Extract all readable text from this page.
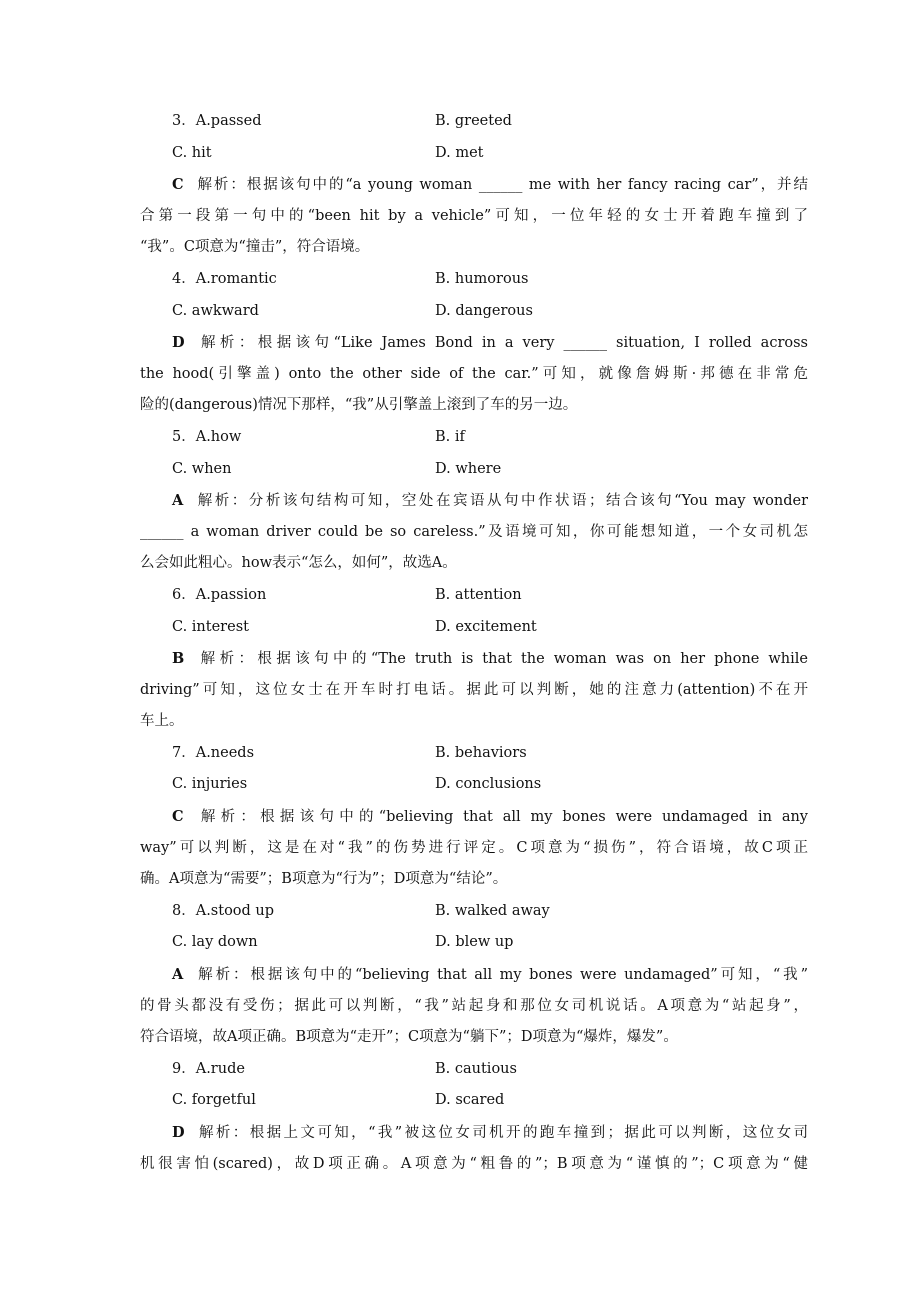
3．A.passed	B. greeted
C. hit	D. met
C 解析：根据该句中的“a young woman ______ me with her fancy racing car”，并结
合第一段第一句中的“been hit by a vehicle”可知，一位年轻的女士开着跑车撞到了
“我”。C项意为“撞击”，符合语境。
4．A.romantic	B. humorous
C. awkward	D. dangerous
D 解析：根据该句“Like James Bond in a very ______ situation, I rolled across
the hood(引擎盖) onto the other side of the car.”可知，就像詹姆斯·邦德在非常危
险的(dangerous)情况下那样，“我”从引擎盖上滚到了车的另一边。
5．A.how	B. if
C. when	D. where
A 解析：分析该句结构可知，空处在宾语从句中作状语；结合该句“You may wonder
______ a woman driver could be so careless.”及语境可知，你可能想知道，一个女司机怎
么会如此粗心。how表示“怎么，如何”，故选A。
6．A.passion	B. attention
C. interest	D. excitement
B 解析：根据该句中的“The truth is that the woman was on her phone while
driving”可知，这位女士在开车时打电话。据此可以判断，她的注意力(attention)不在开
车上。
7．A.needs	B. behaviors
C. injuries	D. conclusions
C 解析：根据该句中的“believing that all my bones were undamaged in any
way”可以判断，这是在对“我”的伤势进行评定。C项意为“损伤”，符合语境，故C项正
确。A项意为“需要”；B项意为“行为”；D项意为“结论”。
8．A.stood up	B. walked away
C. lay down	D. blew up
A 解析：根据该句中的“believing that all my bones were undamaged”可知，“我”
的骨头都没有受伤；据此可以判断，“我”站起身和那位女司机说话。A项意为“站起身”，
符合语境，故A项正确。B项意为“走开”；C项意为“躺下”；D项意为“爆炸，爆发”。
9．A.rude	B. cautious
C. forgetful	D. scared
D 解析：根据上文可知，“我”被这位女司机开的跑车撞到；据此可以判断，这位女司
机很害怕(scared)，故D项正确。A项意为“粗鲁的”；B项意为“谨慎的”；C项意为“健
